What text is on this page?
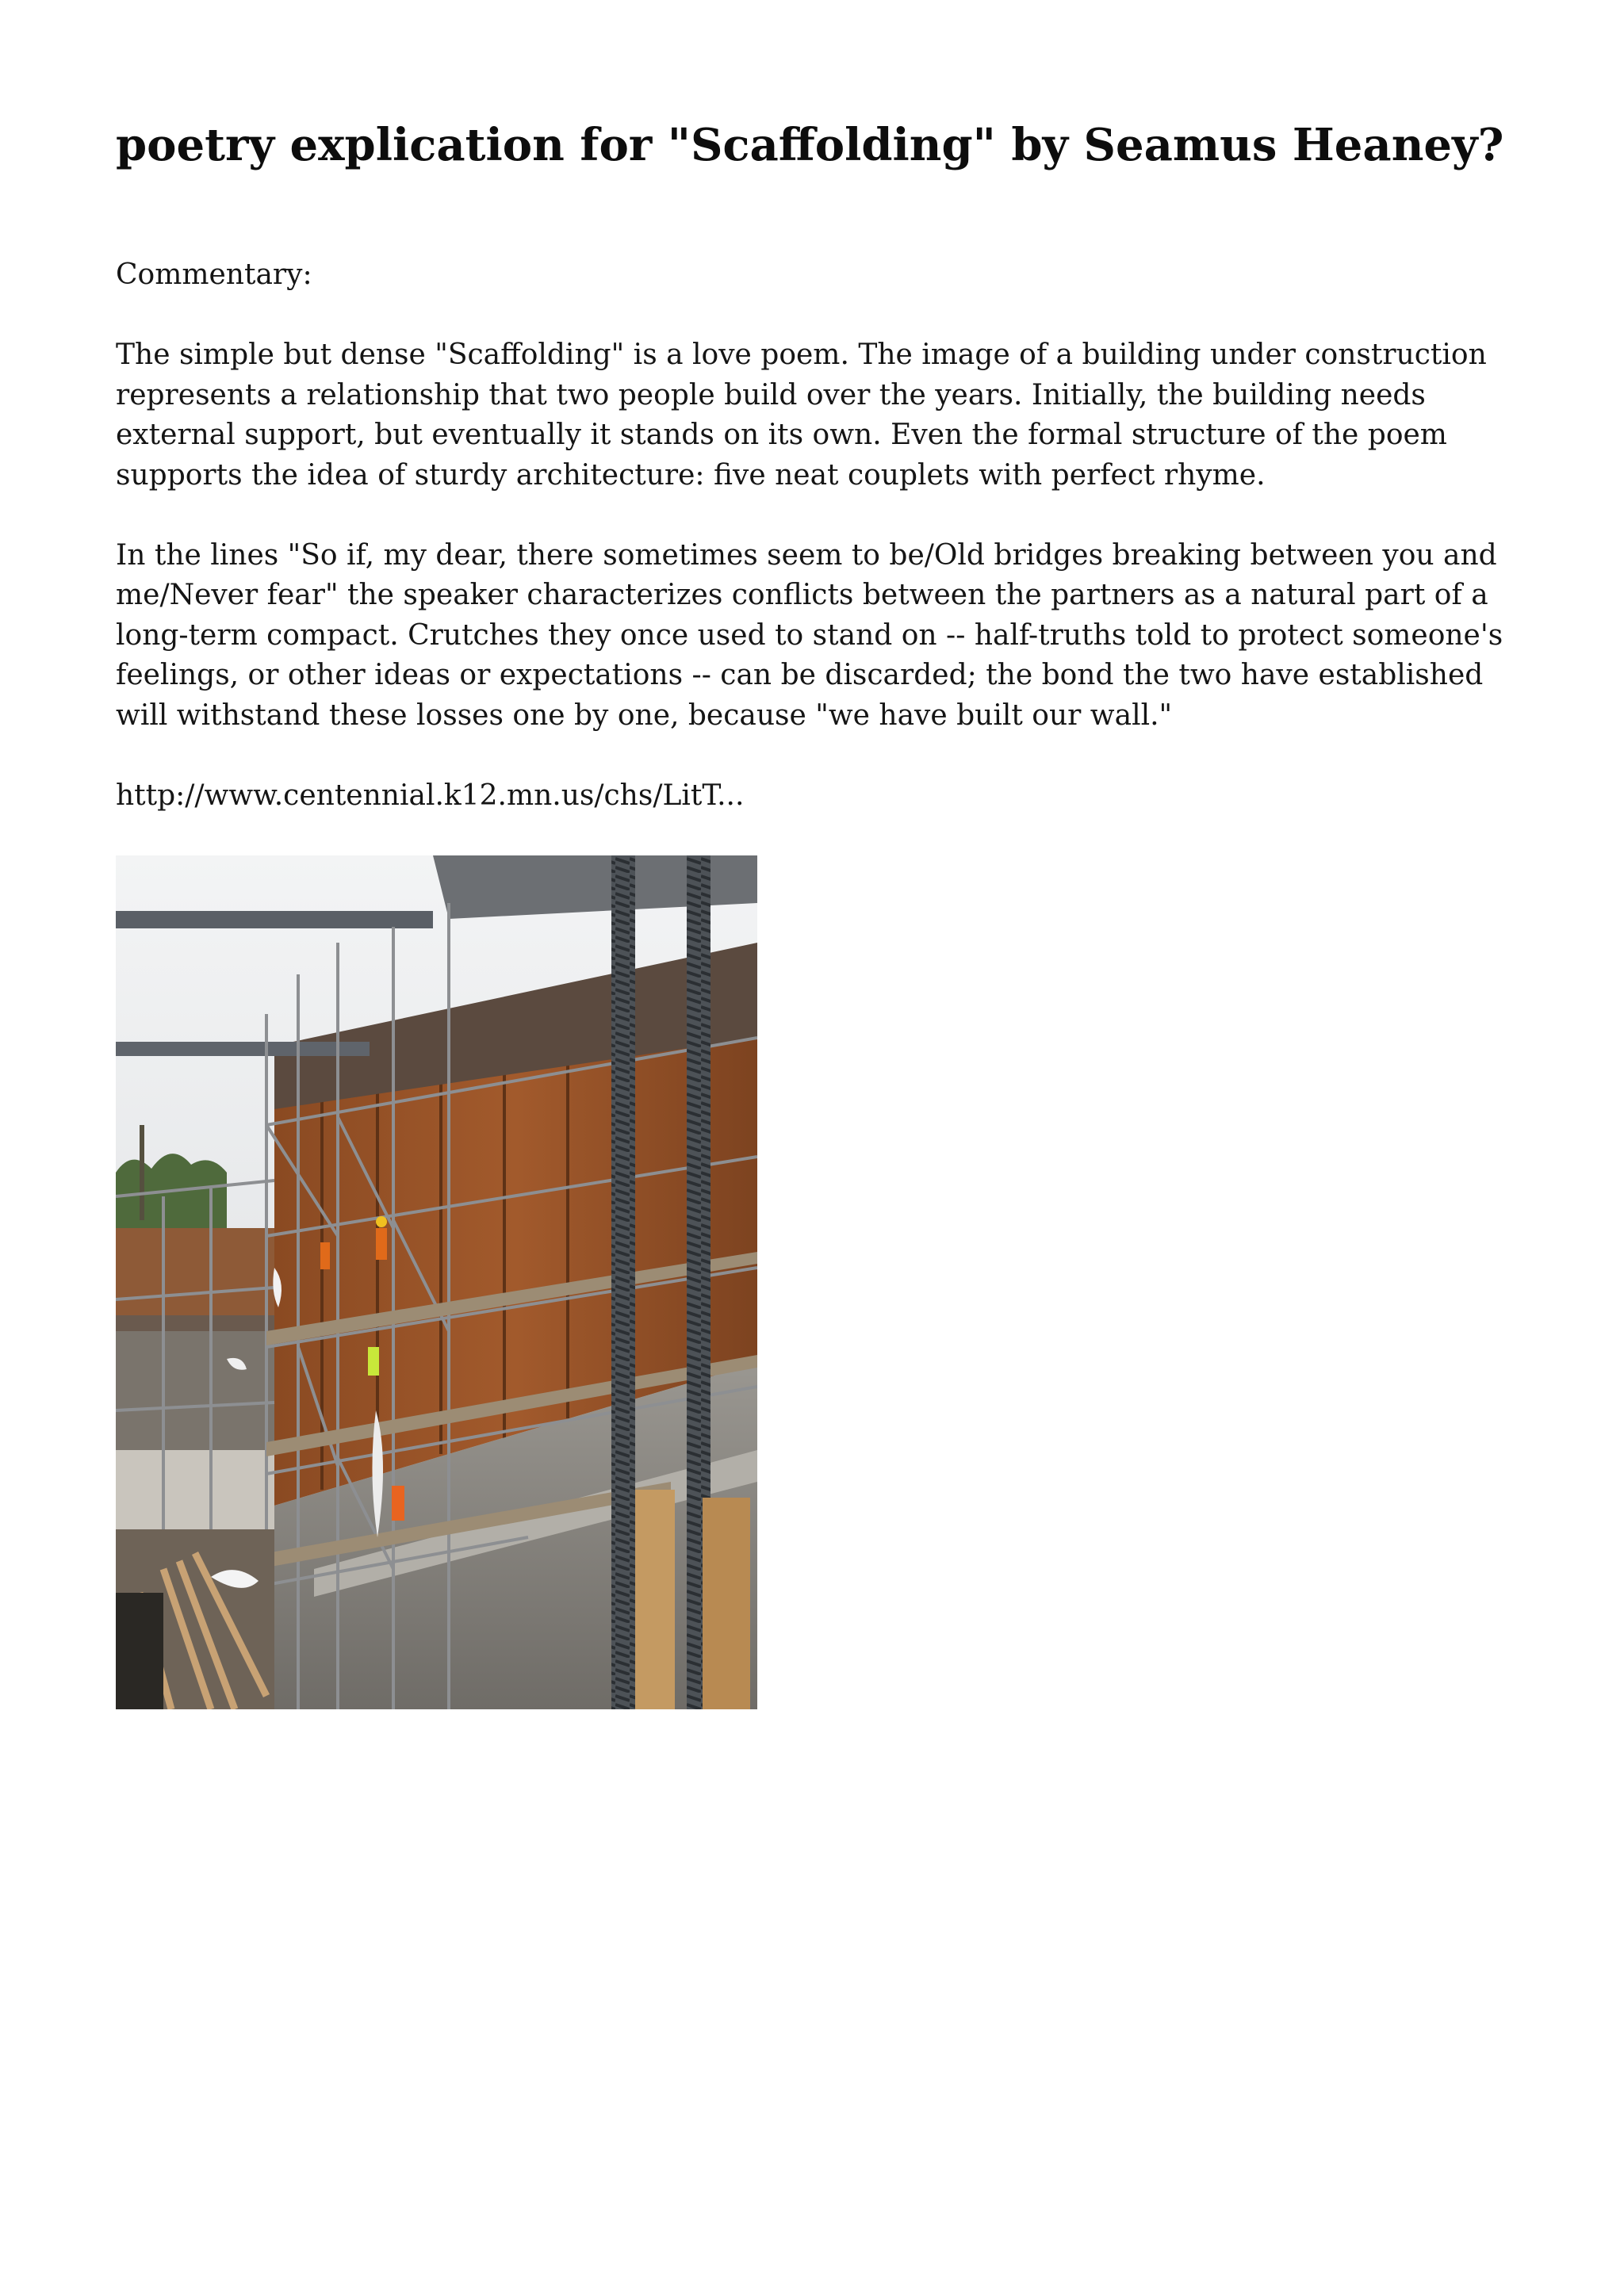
poetry explication for "Scaffolding" by Seamus Heaney?

Commentary:

The simple but dense "Scaffolding" is a love poem. The image of a building under construction represents a relationship that two people build over the years. Initially, the building needs external support, but eventually it stands on its own. Even the formal structure of the poem supports the idea of sturdy architecture: five neat couplets with perfect rhyme.

In the lines "So if, my dear, there sometimes seem to be/Old bridges breaking between you and me/Never fear" the speaker characterizes conflicts between the partners as a natural part of a long-term compact. Crutches they once used to stand on -- half-truths told to protect someone's feelings, or other ideas or expectations -- can be discarded; the bond the two have established will withstand these losses one by one, because "we have built our wall."

http://www.centennial.k12.mn.us/chs/LitT...
